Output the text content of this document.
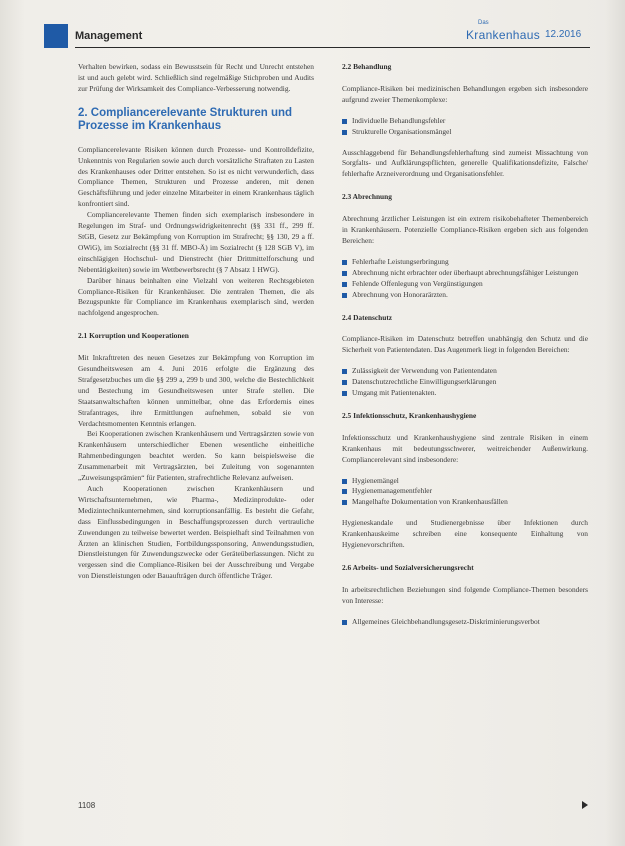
Management
Das
Krankenhaus 12.2016

Verhalten bewirken, sodass ein Bewusstsein für Recht und Unrecht entstehen ist und auch gelebt wird. Schließlich sind regelmäßige Stichproben und Audits zur Prüfung der Wirksamkeit des Compliance-Verbesserung notwendig.

2. Compliancerelevante Strukturen und Prozesse im Krankenhaus

Compliancerelevante Risiken können durch Prozesse- und Kontrolldefizite, Unkenntnis von Regularien sowie auch durch vorsätzliche Straftaten zu Lasten des Krankenhauses oder Dritter entstehen. So ist es nicht verwunderlich, dass Compliance Themen, Strukturen und Prozesse anderen, mit denen Geschäftsführung und jeder einzelne Mitarbeiter in einem Krankenhaus täglich konfrontiert sind.

Compliancerelevante Themen finden sich exemplarisch insbesondere in Regelungen im Straf- und Ordnungswidrigkeitenrecht (§§ 331 ff., 299 ff. StGB, Gesetz zur Bekämpfung von Korruption im Strafrecht; §§ 130, 29 a ff. OWiG), im Sozialrecht (§§ 31 ff. MBO-Ä) im Sozialrecht (§ 128 SGB V), im einschlägigen Hochschul- und Dienstrecht (hier Drittmittelforschung und Nebentätigkeiten) sowie im Wettbewerbsrecht (§ 7 Absatz 1 HWG).

Darüber hinaus beinhalten eine Vielzahl von weiteren Rechtsgebieten Compliance-Risiken für Krankenhäuser. Die zentralen Themen, die als Bezugspunkte für Compliance im Krankenhaus exemplarisch sind, werden nachfolgend angesprochen.

2.1 Korruption und Kooperationen

Mit Inkrafttreten des neuen Gesetzes zur Bekämpfung von Korruption im Gesundheitswesen am 4. Juni 2016 erfolgte die Ergänzung des Strafgesetzbuches um die §§ 299 a, 299 b und 300, welche die Bestechlichkeit und Bestechung im Gesundheitswesen unter Strafe stellen. Die Staatsanwaltschaften können unmittelbar, ohne das Erfordernis eines Strafantrages, ihre Ermittlungen aufnehmen, sobald sie von Verdachtsmomenten Kenntnis erlangen.

Bei Kooperationen zwischen Krankenhäusern und Vertragsärzten sowie von Krankenhäusern unterschiedlicher Ebenen wesentliche einheitliche Rahmenbedingungen beachtet werden. So kann beispielsweise die Zusammenarbeit mit Vertragsärzten, bei Zuleitung von sogenannten „Zuweisungsprämien“ für Patienten, strafrechtliche Relevanz aufweisen.

Auch Kooperationen zwischen Krankenhäusern und Wirtschaftsunternehmen, wie Pharma-, Medizinprodukte- oder Medizintechnikunternehmen, sind korruptionsanfällig. Es besteht die Gefahr, dass Einflussbedingungen in Beschaffungsprozessen durch vertrauliche Zuwendungen zu teilweise bewertet werden. Beispielhaft sind Teilnahmen von Ärzten an klinischen Studien, Fortbildungssponsoring, Anwendungsstudien, Dienstleistungen für Zuwendungszwecke oder Geräteüberlassungen. Nicht zu vergessen sind die Compliance-Risiken bei der Ausschreibung und Vergabe von Dienstleistungen oder Bauaufträgen durch öffentliche Träger.

2.2 Behandlung

Compliance-Risiken bei medizinischen Behandlungen ergeben sich insbesondere aufgrund zweier Themenkomplexe:

Individuelle Behandlungsfehler
Strukturelle Organisationsmängel

Ausschlaggebend für Behandlungsfehlerhaftung sind zumeist Missachtung von Sorgfalts- und Aufklärungspflichten, generelle Qualifikationsdefizite, Falsche/ fehlerhafte Arzneiverordnung und Organisationsfehler.

2.3 Abrechnung

Abrechnung ärztlicher Leistungen ist ein extrem risikobehafteter Themenbereich in Krankenhäusern. Potenzielle Compliance-Risiken ergeben sich aus folgenden Bereichen:

Fehlerhafte Leistungserbringung
Abrechnung nicht erbrachter oder überhaupt abrechnungsfähiger Leistungen
Fehlende Offenlegung von Vergünstigungen
Abrechnung von Honorarärzten.
2.4 Datenschutz

Compliance-Risiken im Datenschutz betreffen unabhängig den Schutz und die Sicherheit von Patientendaten. Das Augenmerk liegt in folgenden Bereichen:

Zulässigkeit der Verwendung von Patientendaten
Datenschutzrechtliche Einwilligungserklärungen
Umgang mit Patientenakten.
2.5 Infektionsschutz, Krankenhaushygiene

Infektionsschutz und Krankenhaushygiene sind zentrale Risiken in einem Krankenhaus mit bedeutungsschwerer, weitreichender Außenwirkung. Compliancerelevant sind insbesondere:

Hygienemängel
Hygienemanagementfehler
Mangelhafte Dokumentation von Krankenhausfällen

Hygieneskandale und Studienergebnisse über Infektionen durch Krankenhauskeime schreiben eine konsequente Einhaltung von Hygienevorschriften.

2.6 Arbeits- und Sozialversicherungsrecht

In arbeitsrechtlichen Beziehungen sind folgende Compliance-Themen besonders von Interesse:

Allgemeines Gleichbehandlungsgesetz-Diskriminierungsverbot
1108
